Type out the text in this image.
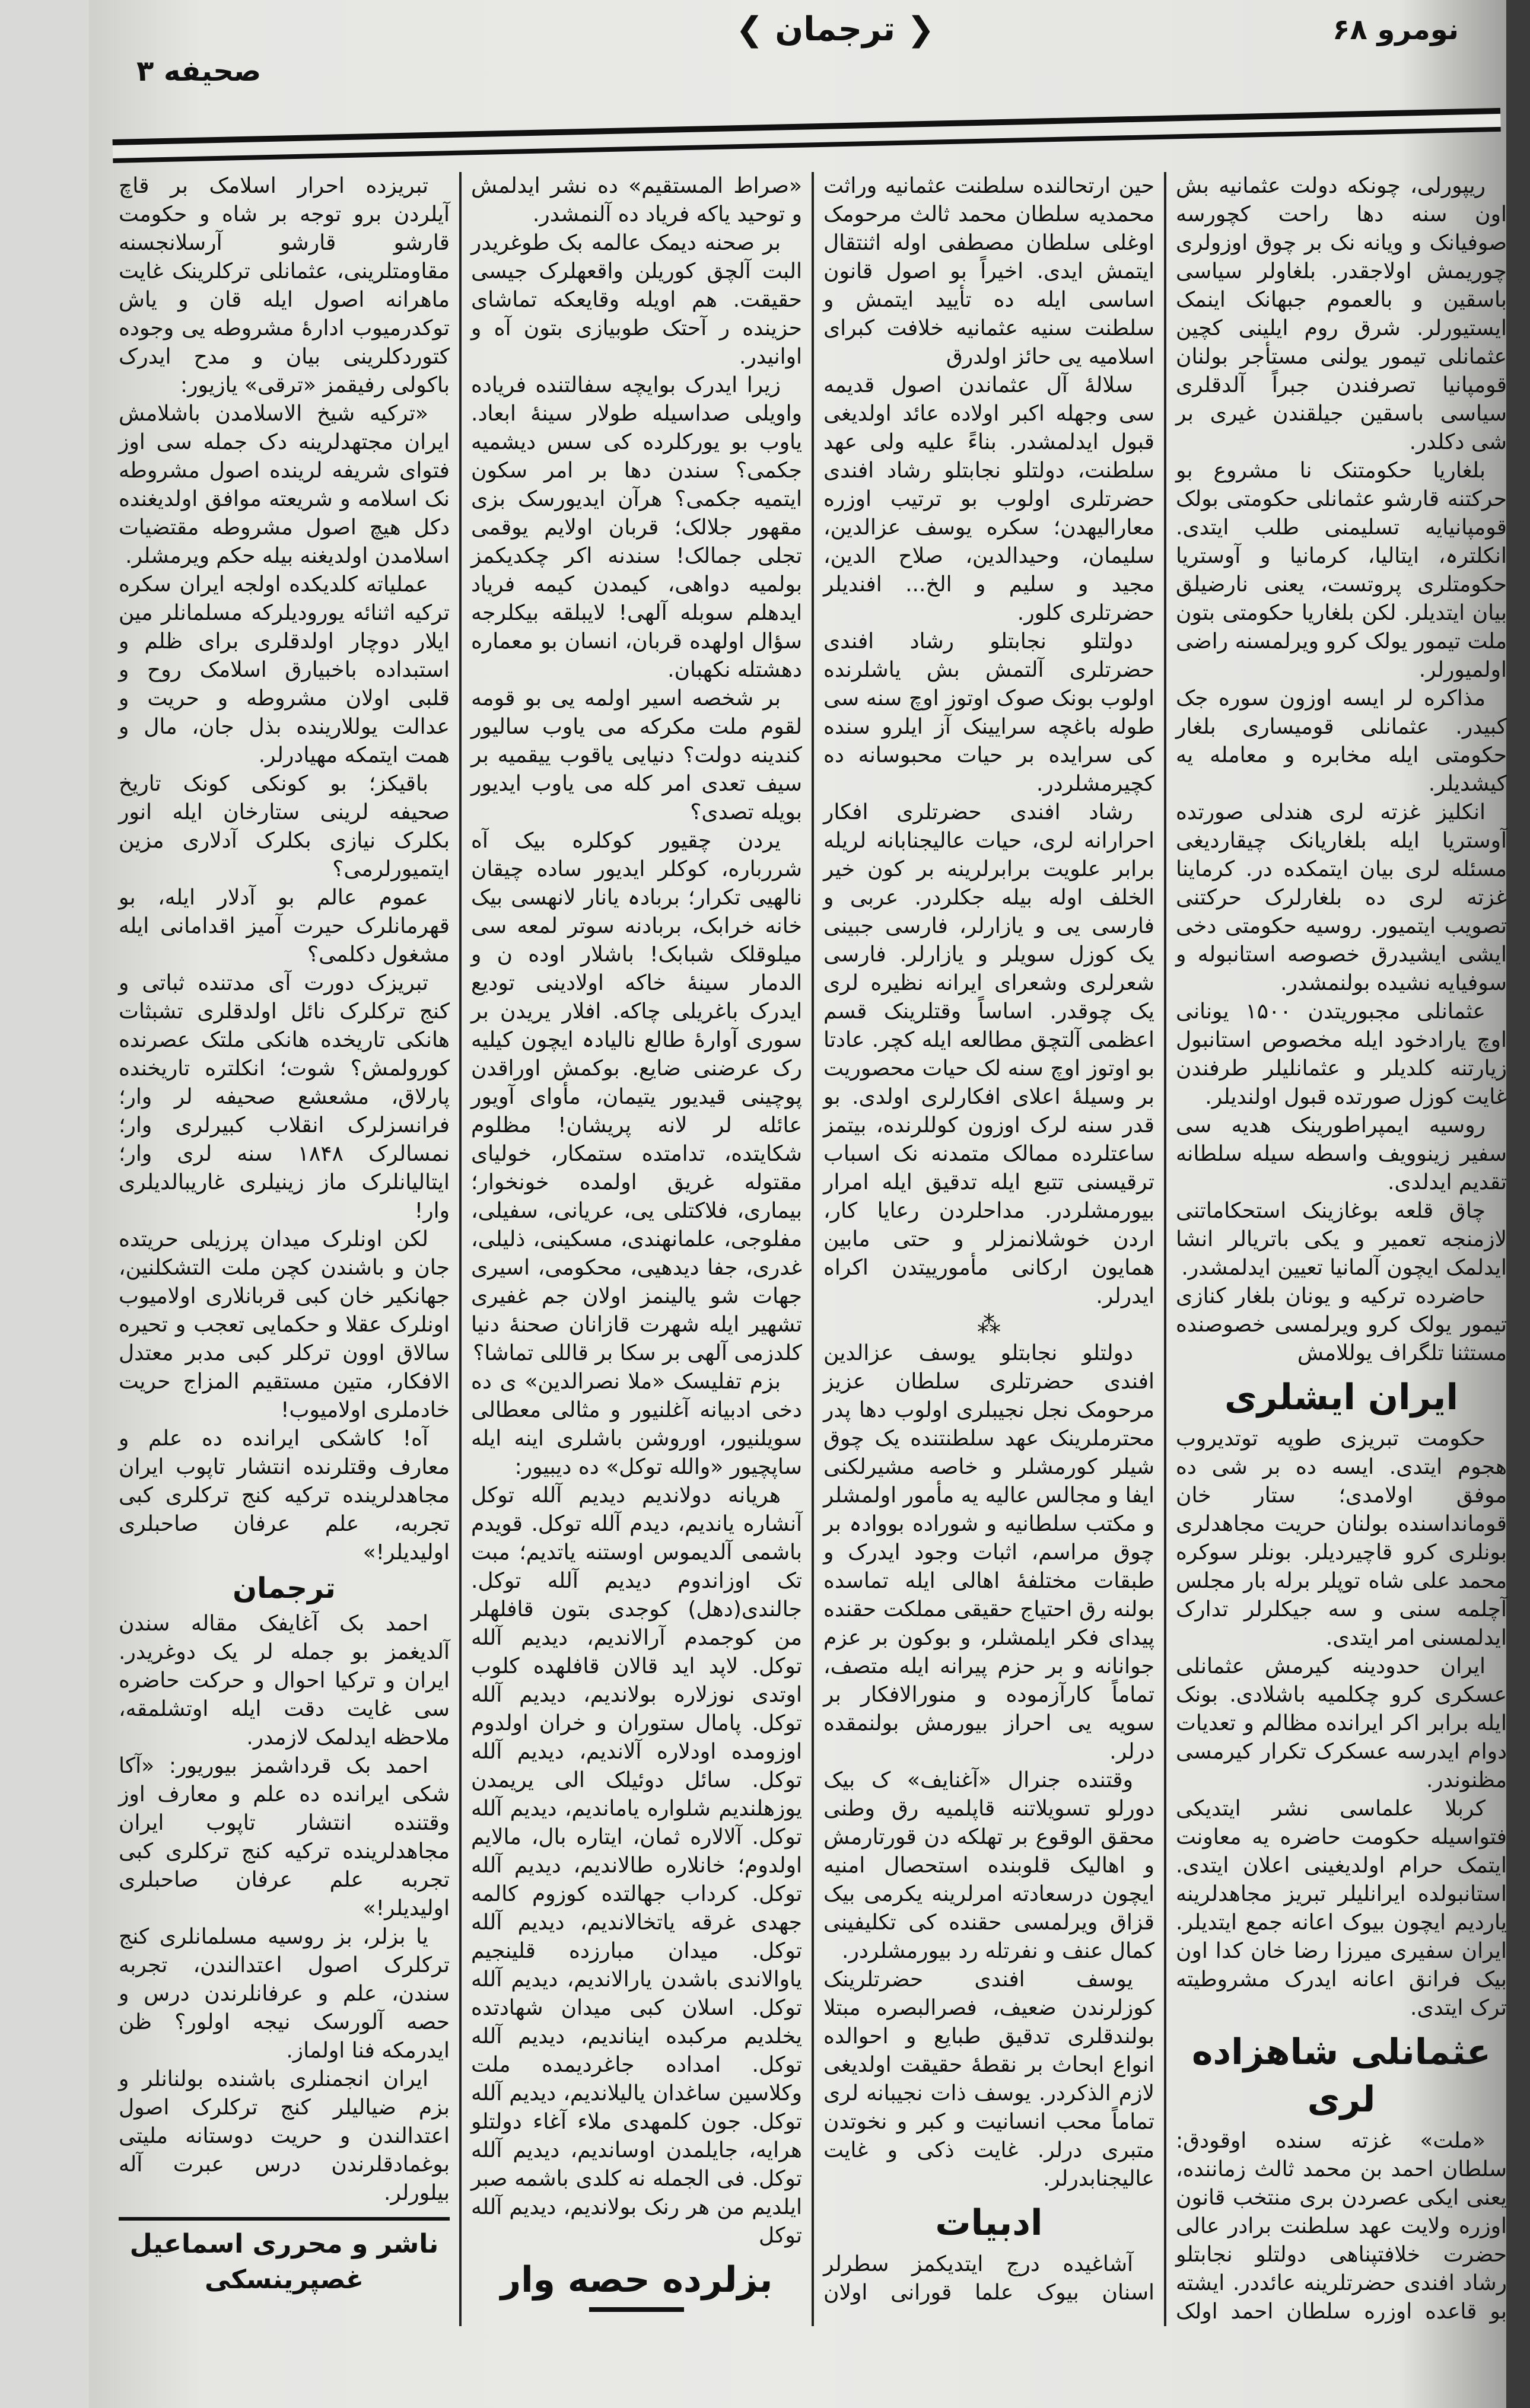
نومرو ۶۸
❮ ترجمان ❯
صحیفه ۳

ریپورلی، چونکه دولت عثمانیه بش اون سنه دها راحت کچورسه صوفیانک و ویانه نک بر چوق اوزولری چوریمش اولاجقدر. بلغاولر سیاسی باسقین و بالعموم جبهانک اینمک ایستیورلر. شرق روم ایلینی کچین عثمانلی تیمور یولنی مستأجر بولنان قومپانیا تصرفندن جبراً آلدقلری سیاسی باسقین جیلقندن غیری بر شی دکلدر.

بلغاریا حکومتنک نا مشروع بو حرکتنه قارشو عثمانلی حکومتی بولک قومپانیایه تسلیمنی طلب ایتدی. انکلترہ، ایتالیا، کرمانیا و آوستریا حکومتلری پروتست، یعنی نارضیلق بیان ایتدیلر. لکن بلغاریا حکومتی بتون ملت تیمور یولک کرو ویرلمسنه راضی اولمیورلر.

مذاکره لر ایسه اوزون سوره جک کبیدر. عثمانلی قومیساری بلغار حکومتی ایله مخابره و معامله یه کیشدیلر.

انکلیز غزته لری هندلی صورتده آوستریا ایله بلغاریانک چیقاردیغی مسئله لری بیان ایتمکده در. کرماینا غزته لری ده بلغارلرک حرکتنی تصویب ایتمیور. روسیه حکومتی دخی ایشی ایشیدرق خصوصه استانبوله و سوفیایه نشیده بولنمشدر.

عثمانلی مجبوریتدن ۱۵۰۰ یونانی اوچ یارادخود ایله مخصوص استانبول زیارتنه کلدیلر و عثمانلیلر طرفندن غایت کوزل صورتده قبول اولندیلر.

روسیه ایمپراطورینک هدیه سی سفیر زینوویف واسطه سیله سلطانه تقدیم ایدلدی.

چاق قلعه بوغازینک استحکاماتنی لازمنجه تعمیر و یکی باتریالر انشا ایدلمک ایچون آلمانیا تعیین ایدلمشدر.

حاضرده ترکیه و یونان بلغار کنازی تیمور یولک کرو ویرلمسی خصوصنده مستثنا تلگراف یوللامش

ایران ایشلری

حکومت تبریزی طوپه توتدیروب هجوم ایتدی. ایسه ده بر شی ده موفق اولامدی؛ ستار خان قومانداسنده بولنان حریت مجاهدلری بونلری کرو قاچیردیلر. بونلر سوکره محمد علی شاه توپلر برله بار مجلس آچلمه سنی و سه جیکلرلر تدارک ایدلمسنی امر ایتدی.

ایران حدودینه کیرمش عثمانلی عسکری کرو چکلمیه باشلادی. بونک ایله برابر اکر ایرانده مظالم و تعدیات دوام ایدرسه عسکرک تکرار کیرمسی مظنوندر.

کربلا علماسی نشر ایتدیکی فتواسیله حکومت حاضره یه معاونت ایتمک حرام اولدیغینی اعلان ایتدی. استانبولده ایرانلیلر تبریز مجاهدلرینه یاردیم ایچون بیوک اعانه جمع ایتدیلر. ایران سفیری میرزا رضا خان کدا اون بیک فرانق اعانه ایدرک مشروطیته ترک ایتدی.

عثمانلی شاهزاده لری

«ملت» غزته سنده اوقودق: سلطان احمد بن محمد ثالث زماننده، یعنی ایکی عصردن بری منتخب قانون اوزره ولایت عهد سلطنت برادر عالی حضرت خلافتپناهی دولتلو نجابتلو رشاد افندی حضرتلرینه عائددر. ایشته بو قاعده اوزره سلطان احمد اولک حین ارتحالنده سلطنت عثمانیه وراثت محمدیه سلطان محمد ثالث مرحومک اوغلی سلطان مصطفی اوله اثنتقال ایتمش ایدی. اخیراً بو اصول قانون اساسی ایله ده تأیید ایتمش و سلطنت سنیه عثمانیه خلافت کبرای اسلامیه یی حائز اولدرق

سلالهٔ آل عثماندن اصول قدیمه سی وجهله اکبر اولاده عائد اولدیغی قبول ایدلمشدر. بناءً علیه ولی عهد سلطنت، دولتلو نجابتلو رشاد افندی حضرتلری اولوب بو ترتیب اوزره معارالیهدن؛ سکره یوسف عزالدین، سلیمان، وحیدالدین، صلاح الدین، مجید و سلیم و الخ... افندیلر حضرتلری کلور.

دولتلو نجابتلو رشاد افندی حضرتلری آلتمش بش یاشلرنده اولوب بونک صوک اوتوز اوچ سنه سی طوله باغچه سرایینک آز ایلرو سنده کی سرایده بر حیات محبوسانه ده کچیرمشلردر.

رشاد افندی حضرتلری افکار احرارانه لری، حیات عالیجنابانه لریله برابر علویت برابرلرینه بر کون خیر الخلف اوله بیله جکلردر. عربی و فارسی یی و یازارلر، فارسی جبینی یک کوزل سویلر و یازارلر. فارسی شعرلری وشعرای ایرانه نظیره لری یک چوقدر. اساساً وقتلرینک قسم اعظمی آلتچق مطالعه ایله کچر. عادتا بو اوتوز اوچ سنه لک حیات محصوریت بر وسیلهٔ اعلای افکارلری اولدی. بو قدر سنه لرک اوزون کوللرنده، بیتمز ساعتلرده ممالک متمدنه نک اسباب ترقیسنی تتبع ایله تدقیق ایله امرار بیورمشلردر. مداحلردن رعایا کار، اردن خوشلانمزلر و حتی مابین همایون ارکانی مأمورییتدن اکراه ایدرلر.

⁂

دولتلو نجابتلو یوسف عزالدین افندی حضرتلری سلطان عزیز مرحومک نجل نجیبلری اولوب دها پدر محترملرینک عهد سلطنتنده یک چوق شیلر کورمشلر و خاصه مشیرلکنی ایفا و مجالس عالیه یه مأمور اولمشلر و مکتب سلطانیه و شوراده بووادہ بر چوق مراسم، اثبات وجود ایدرک و طبقات مختلفهٔ اهالی ایله تماسده بولنه رق احتیاج حقیقی مملکت حقنده پیدای فکر ایلمشلر، و بوکون بر عزم جوانانه و بر حزم پیرانه ایله متصف، تماماً کارآزموده و منورالافکار بر سویه یی احراز بیورمش بولنمقده درلر.

وقتنده جنرال «آغنایف» ک بیک دورلو تسویلاتنه قاپلمیه رق وطنی محقق الوقوع بر تهلکه دن قورتارمش و اهالیک قلوبنده استحصال امنیه ایچون درسعادته امرلرینه یکرمی بیک قزاق ویرلمسی حقنده کی تکلیفینی کمال عنف و نفرتله رد بیورمشلردر.

یوسف افندی حضرتلرینک کوزلرندن ضعیف، فصرالبصره مبتلا بولندقلری تدقیق طبایع و احوالده انواع ابحاث بر نقطهٔ حقیقت اولدیغی لازم الذکردر. یوسف ذات نجیبانه لری تماماً محب انسانیت و کبر و نخوتدن متبری درلر. غایت ذکی و غایت عالیجنابدرلر.

ادبیات

آشاغیده درج ایتدیکمز سطرلر اسنان بیوک علما قورانی اولان «صراط المستقیم» ده نشر ایدلمش و توحید یاکه فریاد ده آلنمشدر.

بر صحنه دیمک عالمه بک طوغریدر البت آلچق کوریلن واقعهلرک جیسی حقیقت. هم اویله وقایعکه تماشای حزینده ر آحتک طوبیازی بتون آه و اوانیدر.

زیرا ایدرک بوایچه سفالتنده فریاده واویلی صداسیله طولار سینهٔ ابعاد. یاوب بو یورکلرده کی سس دیشمیه جکمی؟ سندن دها بر امر سکون ایتمیه جکمی؟ هرآن ایدیورسک بزی مقهور جلالک؛ قربان اولایم یوقمی تجلی جمالک! سندنه اکر چکدیکمز بولمیه دواهی، کیمدن کیمه فریاد ایدهلم سوبله آلهی! لایبلقه بیکلرجه سؤال اولهده قربان، انسان بو معماره دهشتله نکهبان.

بر شخصه اسیر اولمه یی بو قومه لقوم ملت مکرکه می یاوب سالیور کندینه دولت؟ دنیایی یاقوب ییقمیه بر سیف تعدی امر کله می یاوب ایدیور بویله تصدی؟

یردن چقیور کوکلره بیک آه شررباره، کوکلر ایدیور ساده چیقان نالهیی تکرار؛ بربادہ یانار لانهسی بیک خانه خرابک، بربادنه سوتر لمعه سی میلوقلک شبابک! باشلار اوده ن و الدمار سینهٔ خاکه اولادینی تودیع ایدرک باغریلی چاکه. افلار یریدن بر سوری آوارهٔ طالع نالیادہ ایچون کیلیه رک عرضنی ضایع. بوکمش اوراقدن پوچینی قیدیور یتیمان، مأوای آویور عائله لر لانه پریشان! مظلوم شکایتده، تدامتده ستمکار، خولیای مقتوله غریق اولمده خونخوار؛ بیماری، فلاکتلی یی، عریانی، سفیلی، مفلوجی، علمانهندی، مسکینی، ذلیلی، غدری، جفا دیدهیی، محکومی، اسیری جهات شو یالینمز اولان جم غفیری تشهیر ایله شهرت قازانان صحنهٔ دنیا کلدزمی آلهی بر سکا بر قاللی تماشا؟

بزم تفلیسک «ملا نصرالدین» ی ده دخی ادبیانه آغلنیور و مثالی معطالی سویلنیور، اوروشن باشلری اینه ایله ساپچیور «والله توکل» ده دیبیور:

هریانه دولاندیم دیدیم آلله توکل آنشاره یاندیم، دیدم آلله توکل. قویدم باشمی آلدیموس اوستنه یاتدیم؛ مبت تک اوزاندوم دیدیم آلله توکل. جالندی(دهل) کوجدی بتون قافلهلر من کوجمدم آرالاندیم، دیدیم آلله توکل. لاپد اید قالان قافلهده کلوب اوتدی نوزلاره بولاندیم، دیدیم آلله توکل. پامال ستوران و خران اولدوم اوزومده اودلاره آلاندیم، دیدیم آلله توکل. سائل دوئیلک الی یریمدن یوزهلندیم شلواره یاماندیم، دیدیم آلله توکل. آلالاره ثمان، ایتاره بال، مالایم اولدوم؛ خانلاره طالاندیم، دیدیم آلله توکل. کرداب جهالتده کوزوم کالمه جهدی غرقه یاتخالاندیم، دیدیم آلله توکل. میدان مبارزده قلینجیم یاوالاندی باشدن یارالاندیم، دیدیم آلله توکل. اسلان کبی میدان شهادتده یخلدیم مرکبده ایناندیم، دیدیم آلله توکل. امداده جاغرديمده ملت وکلاسین ساغدان یالیلاندیم، دیدیم آلله توکل. جون کلمهدی ملاء آغاء دولتلو هرایه، جایلمدن اوساندیم، دیدیم آلله توکل. فی الجمله نه کلدی باشمه صبر ایلدیم من هر رنک بولاندیم، دیدیم آلله توکل

بزلرده حصه وار

تبریزده احرار اسلامک بر قاچ آیلردن برو توجه بر شاه و حکومت قارشو قارشو آرسلانجسنه مقاومتلرینی، عثمانلی ترکلرینک غایت ماهرانه اصول ایله قان و یاش توکدرمیوب ادارهٔ مشروطه یی وجوده کتوردکلرینی بیان و مدح ایدرک باکولی رفیقمز «ترقی» یازیور:

«ترکیه شیخ الاسلامدن باشلامش ایران مجتهدلرینه دک جمله سی اوز فتوای شریفه لرینده اصول مشروطه نک اسلامه و شریعته موافق اولدیغنده دکل هیچ اصول مشروطه مقتضیات اسلامدن اولدیغنه بیله حکم ویرمشلر.

عملیاته کلدیکده اولجه ایران سکره ترکیه اثنائه یورودیلرکه مسلمانلر مین ایلار دوچار اولدقلری برای ظلم و استبداده باخبیارق اسلامک روح و قلبی اولان مشروطه و حریت و عدالت یوللارینده بذل جان، مال و همت ایتمکه مهیادرلر.

باقیکز؛ بو کونکی کونک تاریخ صحیفه لرینی ستارخان ایله انور بکلرک نیازی بکلرک آدلاری مزین ایتمیورلرمی؟

عموم عالم بو آدلار ایله، بو قهرمانلرک حیرت آمیز اقدامانی ایله مشغول دکلمی؟

تبریزک دورت آی مدتنده ثباتی و کنج ترکلرک نائل اولدقلری تشبثات هانکی تاریخده هانکی ملتک عصرنده کورولمش؟ شوت؛ انکلتره تاریخنده پارلاق، مشعشع صحیفه لر وار؛ فرانسزلرک انقلاب کبیرلری وار؛ نمسالرک ۱۸۴۸ سنه لری وار؛ ایتالیانلرک ماز زینیلری غاریبالدیلری وار!

لکن اونلرک میدان پرزیلی حریتده جان و باشندن کچن ملت التشکلنین، جهانکیر خان کبی قربانلاری اولامیوب اونلرک عقلا و حکمایی تعجب و تحیره سالاق اوون ترکلر کبی مدبر معتدل الافکار، متین مستقیم المزاج حریت خادملری اولامیوب!

آه! کاشکی ایرانده ده علم و معارف وقتلرنده انتشار تاپوب ایران مجاهدلرینده ترکیه کنج ترکلری کبی تجربه، علم عرفان صاحبلری اولیدیلر!»

ترجمان

احمد بک آغایفک مقاله سندن آلدیغمز بو جمله لر یک دوغریدر. ایران و ترکیا احوال و حرکت حاضره سی غایت دقت ایله اوتشلمقه، ملاحظه ایدلمک لازمدر.

احمد بک قرداشمز بیوریور: «آکا شکی ایرانده ده علم و معارف اوز وقتنده انتشار تاپوب ایران مجاهدلرینده ترکیه کنج ترکلری کبی تجربه علم عرفان صاحبلری اولیدیلر!»

یا بزلر، بز روسیه مسلمانلری کنج ترکلرک اصول اعتدالندن، تجربه سندن، علم و عرفانلرندن درس و حصه آلورسک نیجه اولور؟ ظن ایدرمکه فنا اولماز.

ایران انجمنلری باشنده بولنانلر و بزم ضیالیلر کنج ترکلرک اصول اعتدالندن و حریت دوستانه ملیتی بوغمادقلرندن درس عبرت آله بیلورلر.

ناشر و محرری اسماعیل غصپرینسکی
